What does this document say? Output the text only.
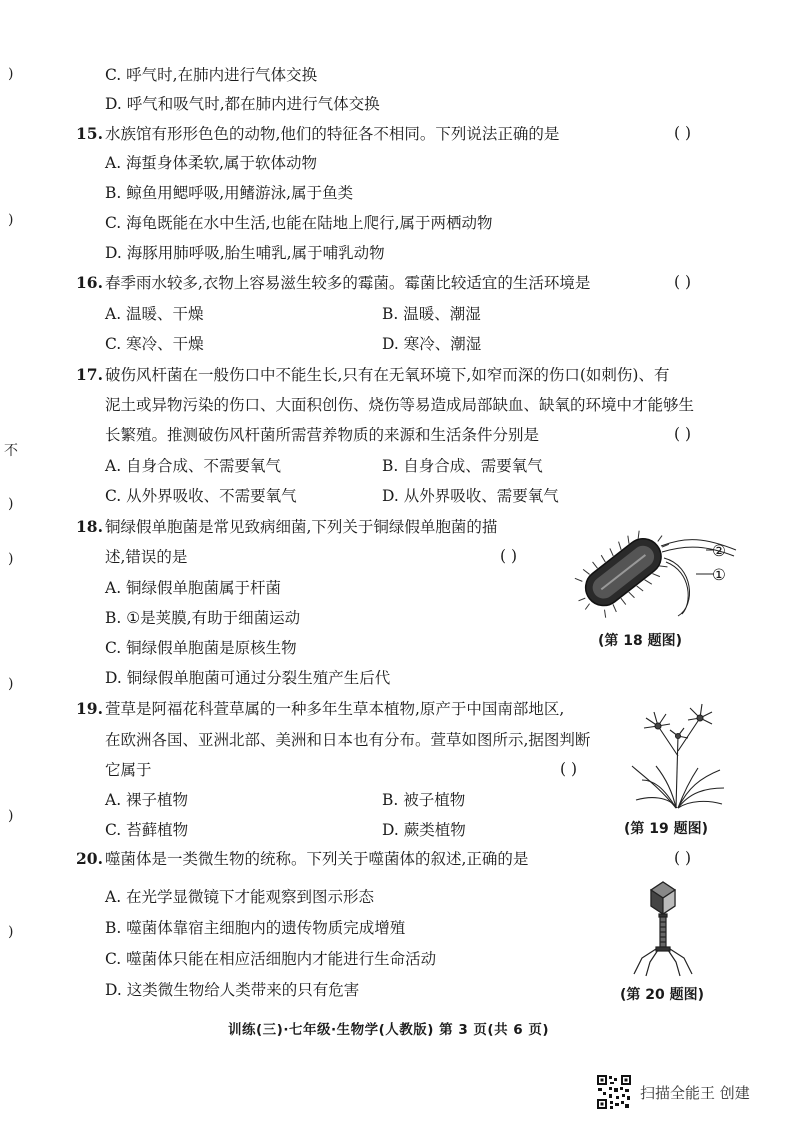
)
)
不
)
)
)
)
)
C. 呼气时,在肺内进行气体交换
D. 呼气和吸气时,都在肺内进行气体交换
15. 水族馆有形形色色的动物,他们的特征各不相同。下列说法正确的是	( )
A. 海蜇身体柔软,属于软体动物
B. 鲸鱼用鳃呼吸,用鳍游泳,属于鱼类
C. 海龟既能在水中生活,也能在陆地上爬行,属于两栖动物
D. 海豚用肺呼吸,胎生哺乳,属于哺乳动物
16. 春季雨水较多,衣物上容易滋生较多的霉菌。霉菌比较适宜的生活环境是	( )
A. 温暖、干燥	B. 温暖、潮湿
C. 寒冷、干燥	D. 寒冷、潮湿
17. 破伤风杆菌在一般伤口中不能生长,只有在无氧环境下,如窄而深的伤口(如刺伤)、有
泥土或异物污染的伤口、大面积创伤、烧伤等易造成局部缺血、缺氧的环境中才能够生
长繁殖。推测破伤风杆菌所需营养物质的来源和生活条件分别是	( )
A. 自身合成、不需要氧气	B. 自身合成、需要氧气
C. 从外界吸收、不需要氧气	D. 从外界吸收、需要氧气
18. 铜绿假单胞菌是常见致病细菌,下列关于铜绿假单胞菌的描
述,错误的是	( )
A. 铜绿假单胞菌属于杆菌
B. ①是荚膜,有助于细菌运动
C. 铜绿假单胞菌是原核生物
D. 铜绿假单胞菌可通过分裂生殖产生后代
②
①
(第 18 题图)
19. 萱草是阿福花科萱草属的一种多年生草本植物,原产于中国南部地区,
在欧洲各国、亚洲北部、美洲和日本也有分布。萱草如图所示,据图判断
它属于	( )
A. 裸子植物	B. 被子植物
C. 苔藓植物	D. 蕨类植物	(第 19 题图)
20. 噬菌体是一类微生物的统称。下列关于噬菌体的叙述,正确的是	( )
A. 在光学显微镜下才能观察到图示形态
B. 噬菌体靠宿主细胞内的遗传物质完成增殖
C. 噬菌体只能在相应活细胞内才能进行生命活动
D. 这类微生物给人类带来的只有危害	(第 20 题图)
训练(三)·七年级·生物学(人教版) 第 3 页(共 6 页)
扫描全能王 创建
